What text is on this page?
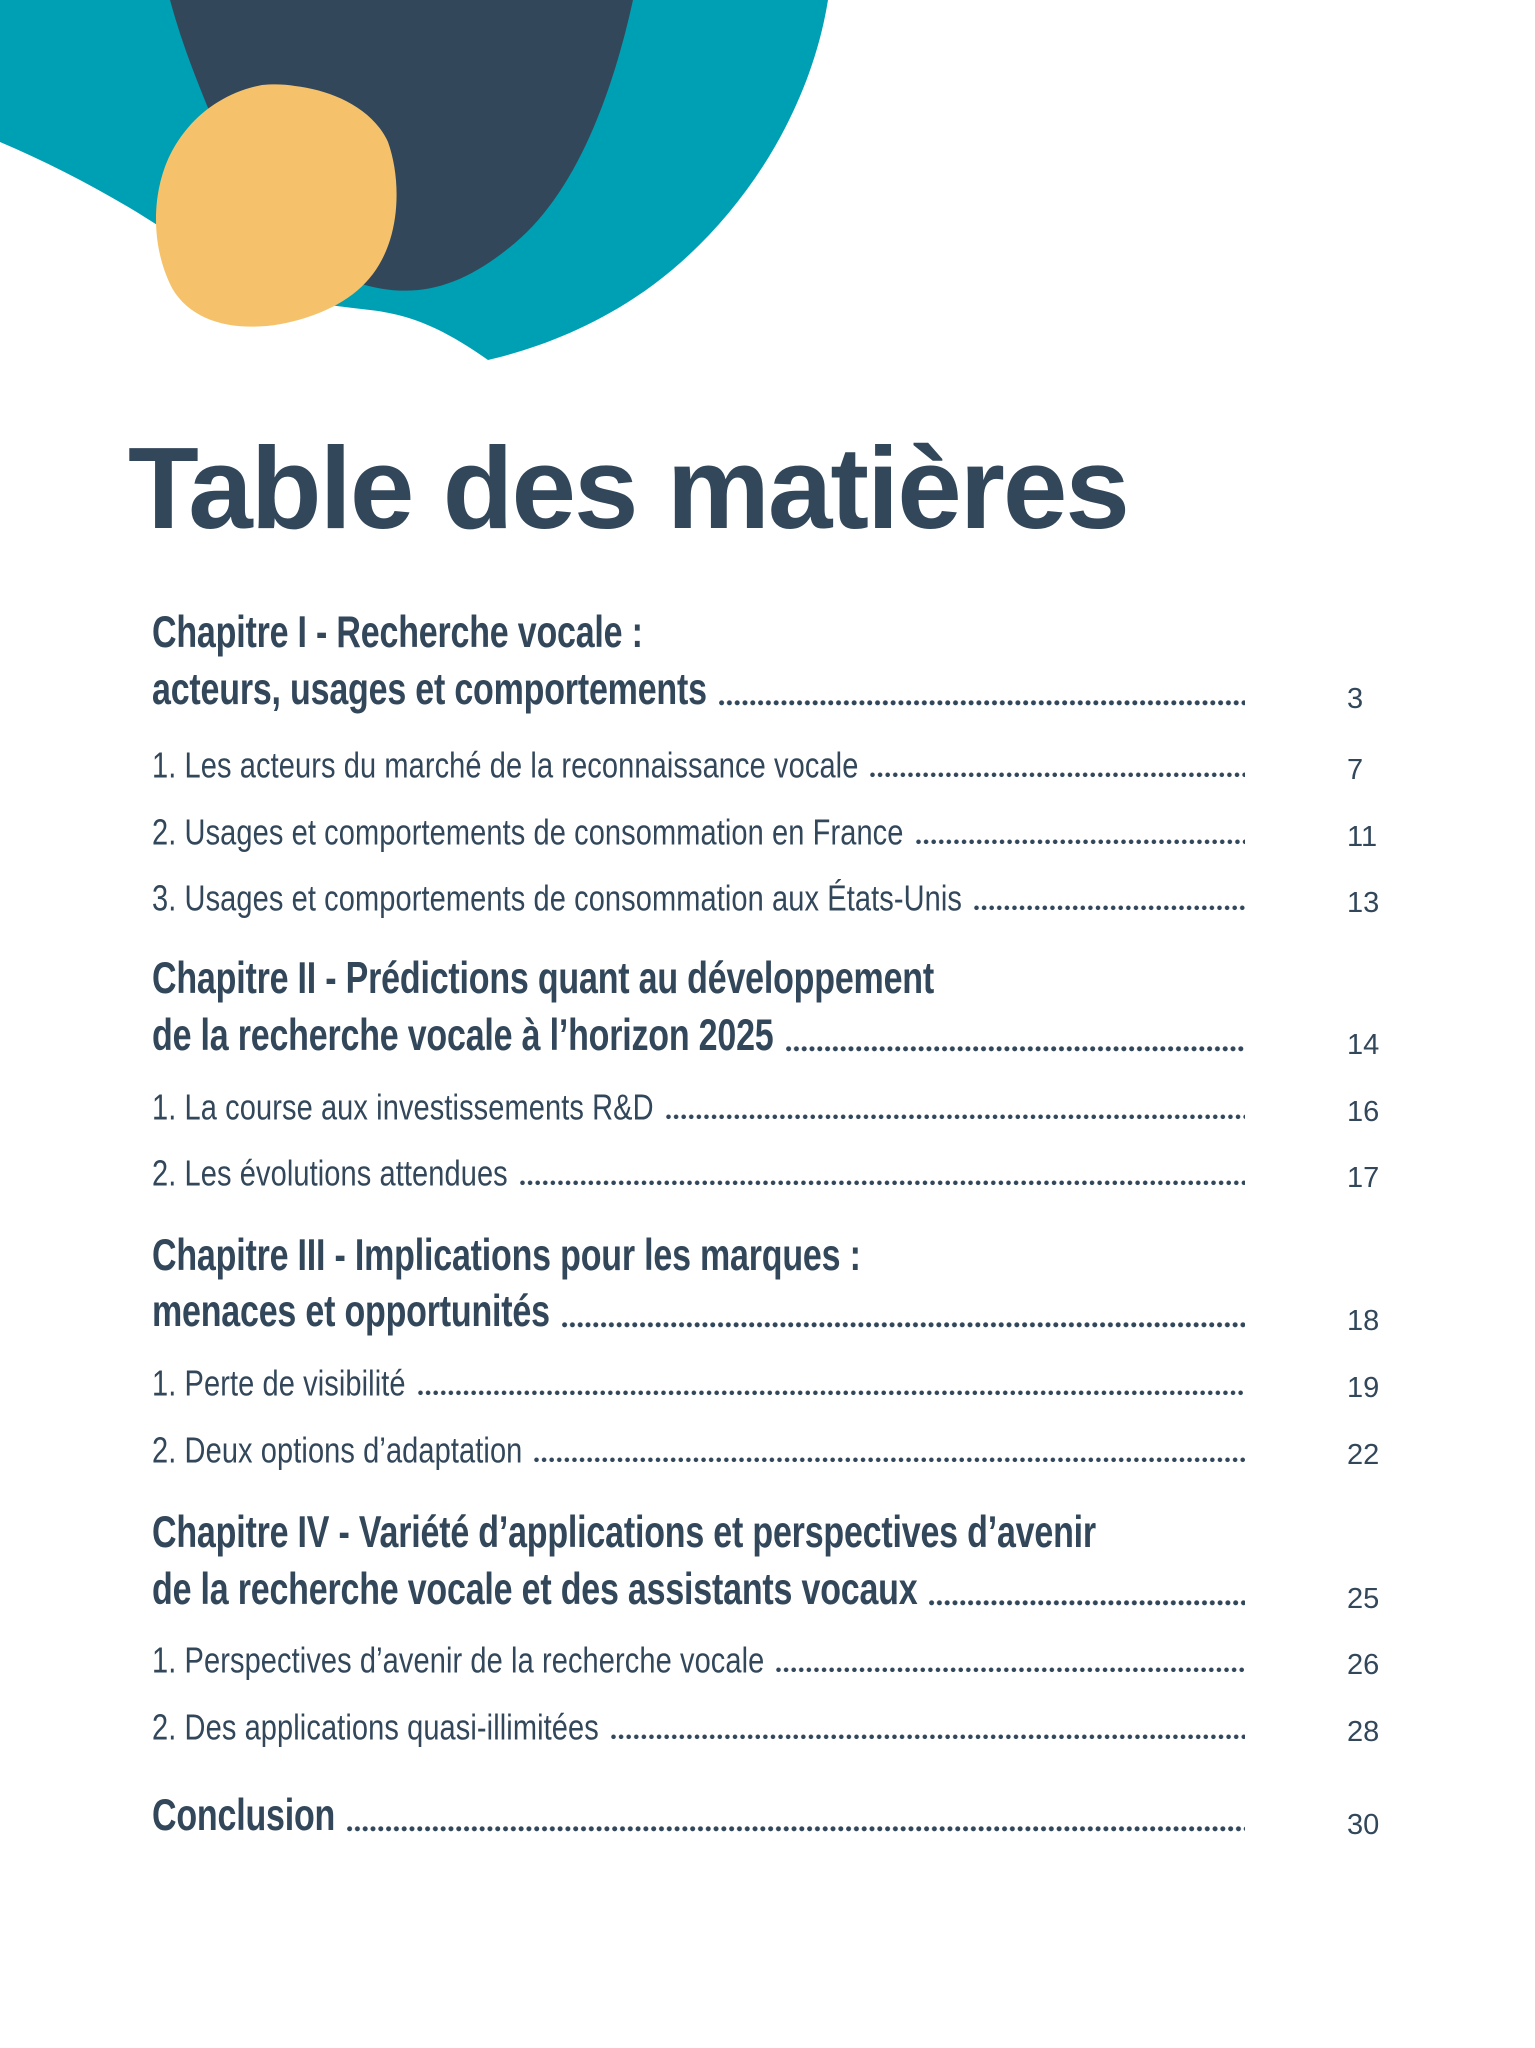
Table des matières
Chapitre I - Recherche vocale :
acteurs, usages et comportements	3
1. Les acteurs du marché de la reconnaissance vocale	7
2. Usages et comportements de consommation en France	11
3. Usages et comportements de consommation aux États-Unis	13
Chapitre II - Prédictions quant au développement
de la recherche vocale à l’horizon 2025	14
1. La course aux investissements R&D	16
2. Les évolutions attendues	17
Chapitre III - Implications pour les marques :
menaces et opportunités	18
1. Perte de visibilité	19
2. Deux options d’adaptation	22
Chapitre IV - Variété d’applications et perspectives d’avenir
de la recherche vocale et des assistants vocaux	25
1. Perspectives d’avenir de la recherche vocale	26
2. Des applications quasi-illimitées	28
Conclusion	30
